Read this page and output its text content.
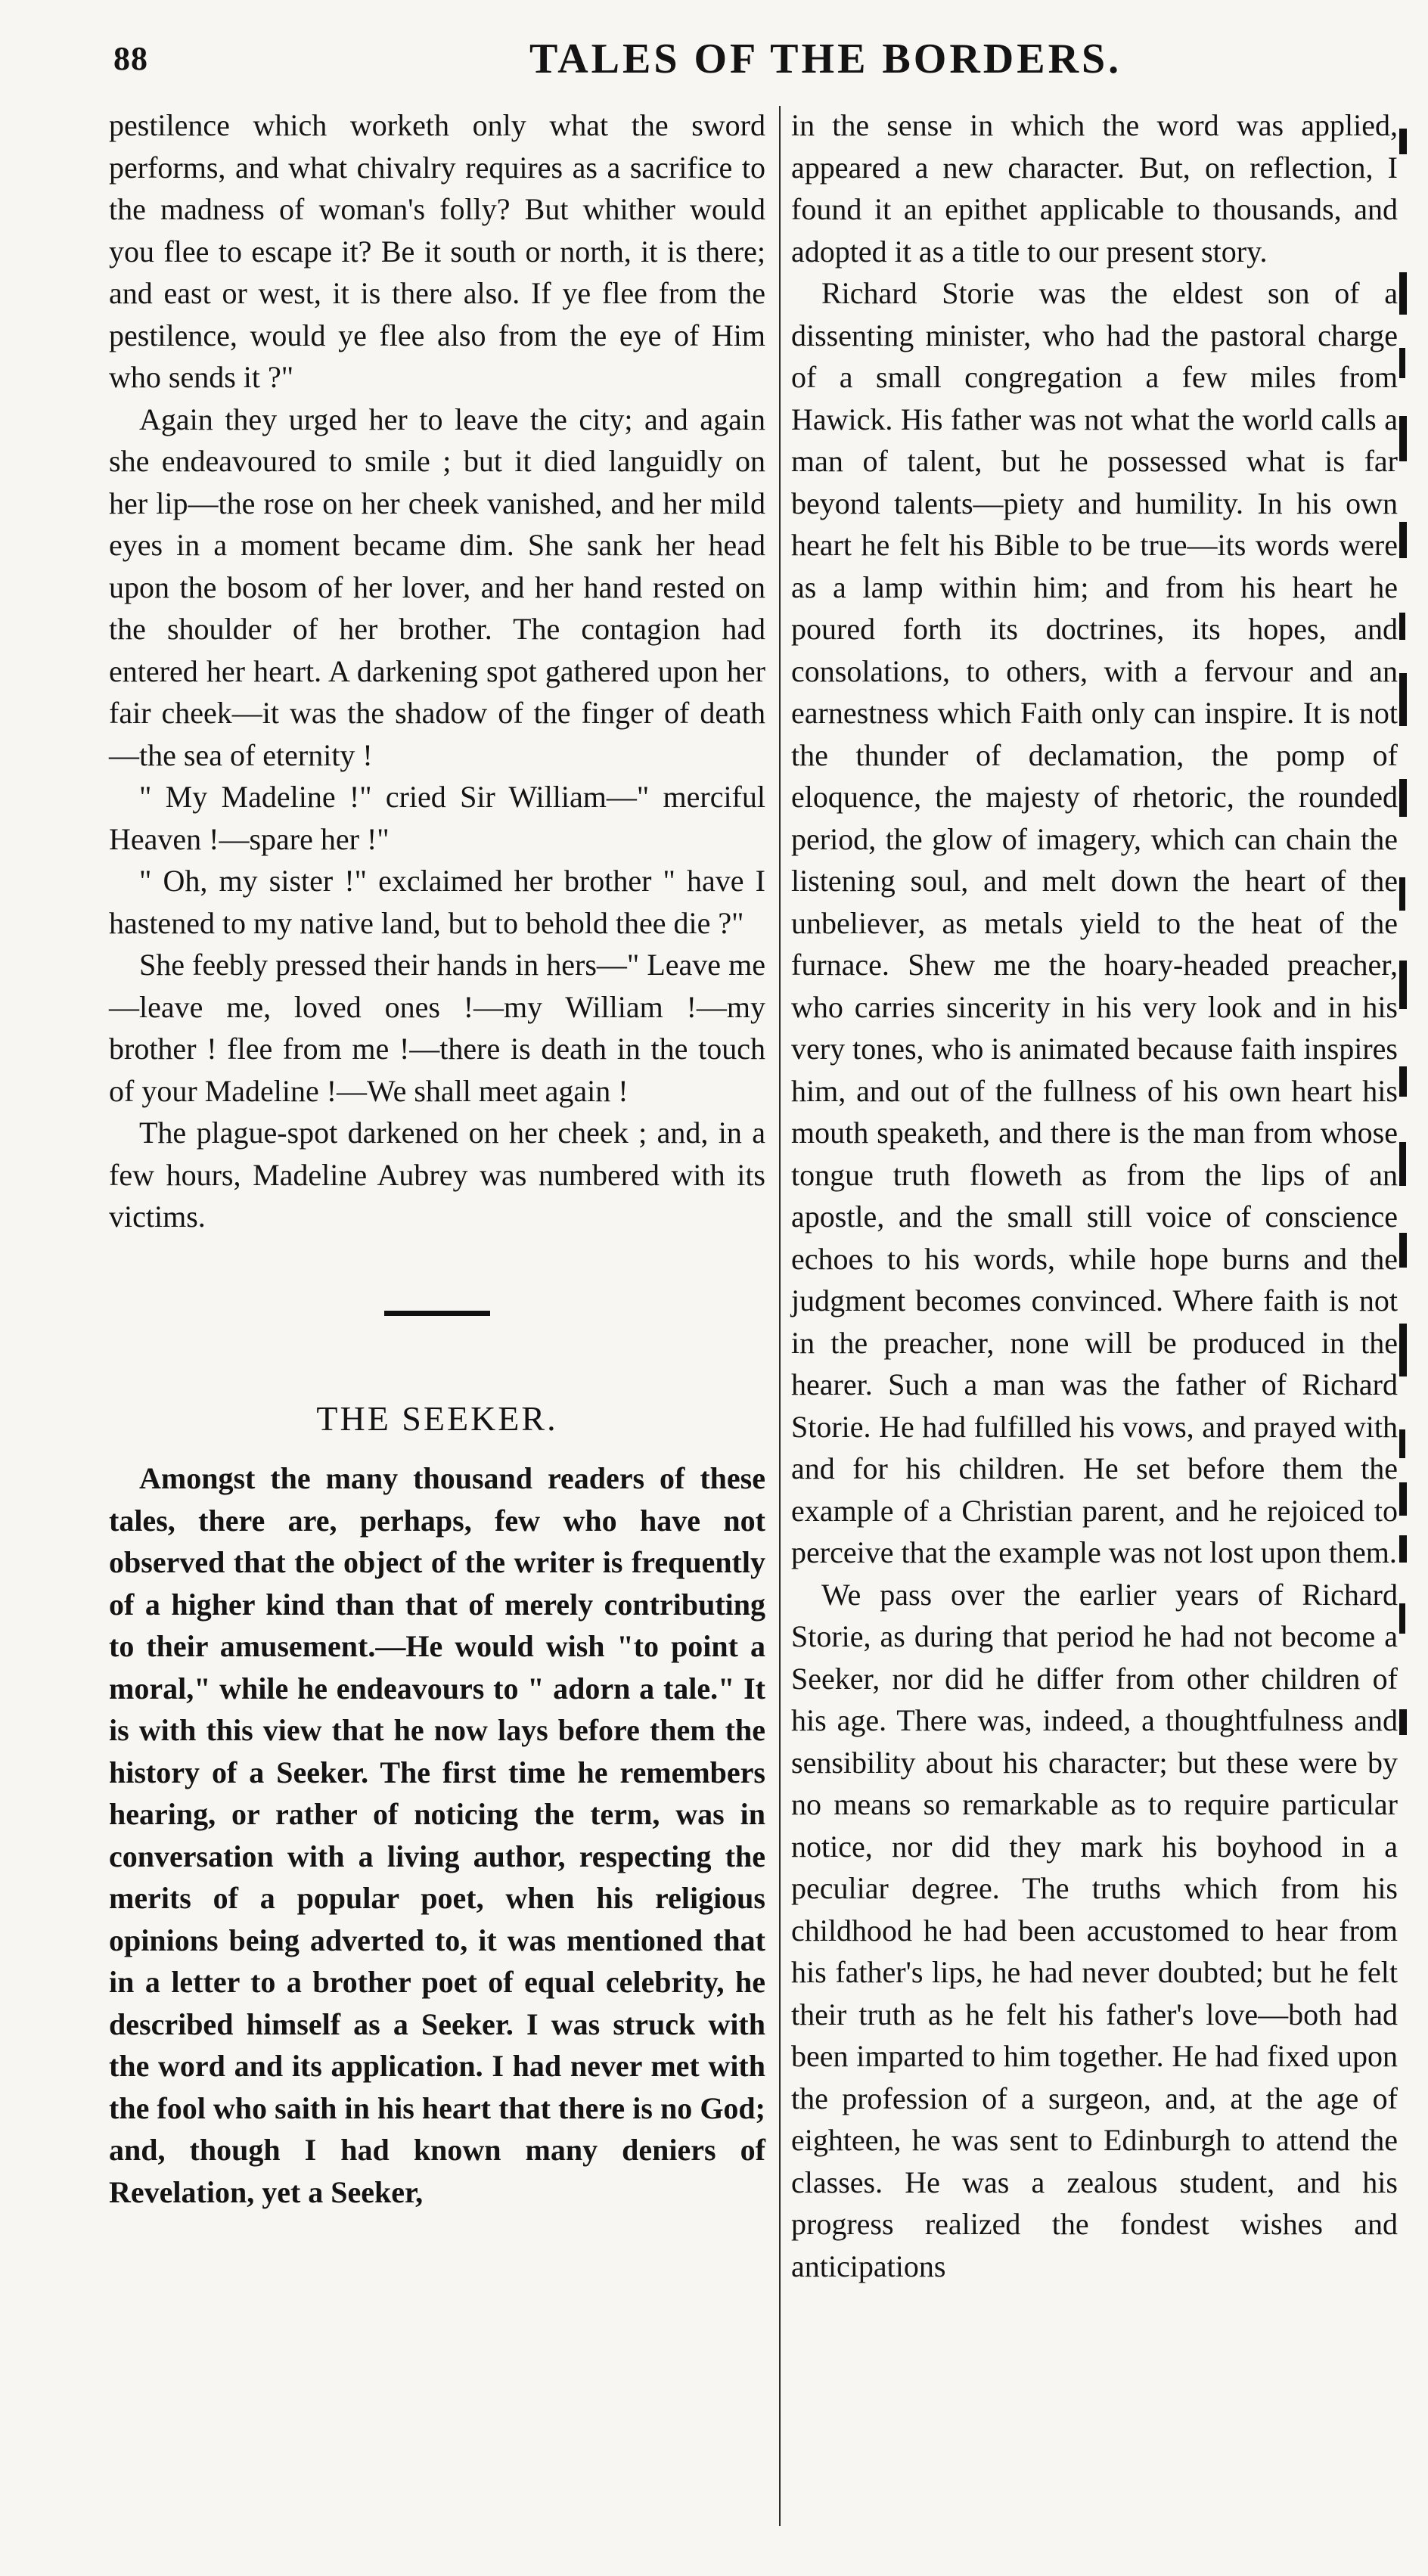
88	TALES OF THE BORDERS.

pestilence which worketh only what the sword performs, and what chivalry requires as a sacrifice to the madness of woman's folly? But whither would you flee to escape it? Be it south or north, it is there; and east or west, it is there also. If ye flee from the pestilence, would ye flee also from the eye of Him who sends it ?"

Again they urged her to leave the city; and again she endeavoured to smile ; but it died languidly on her lip—the rose on her cheek vanished, and her mild eyes in a moment became dim. She sank her head upon the bosom of her lover, and her hand rested on the shoulder of her brother. The contagion had entered her heart. A darkening spot gathered upon her fair cheek—it was the shadow of the finger of death—the sea of eternity !

" My Madeline !" cried Sir William—" merciful Heaven !—spare her !"

" Oh, my sister !" exclaimed her brother " have I hastened to my native land, but to behold thee die ?"

She feebly pressed their hands in hers—" Leave me—leave me, loved ones !—my William !—my brother ! flee from me !—there is death in the touch of your Madeline !—We shall meet again !

The plague-spot darkened on her cheek ; and, in a few hours, Madeline Aubrey was numbered with its victims.

THE SEEKER.

Amongst the many thousand readers of these tales, there are, perhaps, few who have not observed that the object of the writer is frequently of a higher kind than that of merely contributing to their amusement.—He would wish "to point a moral," while he endeavours to " adorn a tale." It is with this view that he now lays before them the history of a Seeker. The first time he remembers hearing, or rather of noticing the term, was in conversation with a living author, respecting the merits of a popular poet, when his religious opinions being adverted to, it was mentioned that in a letter to a brother poet of equal celebrity, he described himself as a Seeker. I was struck with the word and its application. I had never met with the fool who saith in his heart that there is no God; and, though I had known many deniers of Revelation, yet a Seeker,

in the sense in which the word was applied, appeared a new character. But, on reflection, I found it an epithet applicable to thousands, and adopted it as a title to our present story.

Richard Storie was the eldest son of a dissenting minister, who had the pastoral charge of a small congregation a few miles from Hawick. His father was not what the world calls a man of talent, but he possessed what is far beyond talents—piety and humility. In his own heart he felt his Bible to be true—its words were as a lamp within him; and from his heart he poured forth its doctrines, its hopes, and consolations, to others, with a fervour and an earnestness which Faith only can inspire. It is not the thunder of declamation, the pomp of eloquence, the majesty of rhetoric, the rounded period, the glow of imagery, which can chain the listening soul, and melt down the heart of the unbeliever, as metals yield to the heat of the furnace. Shew me the hoary-headed preacher, who carries sincerity in his very look and in his very tones, who is animated because faith inspires him, and out of the fullness of his own heart his mouth speaketh, and there is the man from whose tongue truth floweth as from the lips of an apostle, and the small still voice of conscience echoes to his words, while hope burns and the judgment becomes convinced. Where faith is not in the preacher, none will be produced in the hearer. Such a man was the father of Richard Storie. He had fulfilled his vows, and prayed with and for his children. He set before them the example of a Christian parent, and he rejoiced to perceive that the example was not lost upon them.

We pass over the earlier years of Richard Storie, as during that period he had not become a Seeker, nor did he differ from other children of his age. There was, indeed, a thoughtfulness and sensibility about his character; but these were by no means so remarkable as to require particular notice, nor did they mark his boyhood in a peculiar degree. The truths which from his childhood he had been accustomed to hear from his father's lips, he had never doubted; but he felt their truth as he felt his father's love—both had been imparted to him together. He had fixed upon the profession of a surgeon, and, at the age of eighteen, he was sent to Edinburgh to attend the classes. He was a zealous student, and his progress realized the fondest wishes and anticipations
